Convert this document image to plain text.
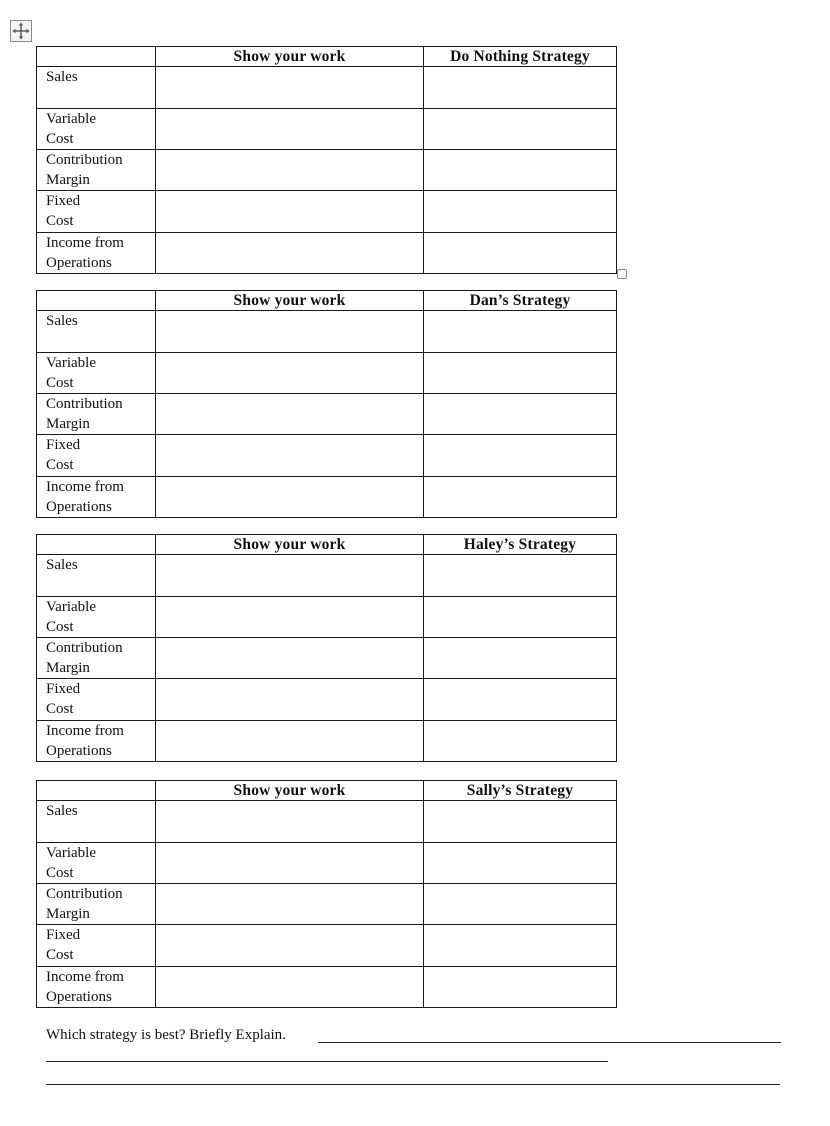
	Show your work	Do Nothing Strategy

Sales		

Variable
Cost		

Contribution
Margin		

Fixed
Cost		

Income from
Operations		

	Show your work	Dan’s Strategy

Sales		

Variable
Cost		

Contribution
Margin		

Fixed
Cost		

Income from
Operations		

	Show your work	Haley’s Strategy

Sales		

Variable
Cost		

Contribution
Margin		

Fixed
Cost		

Income from
Operations		

	Show your work	Sally’s Strategy

Sales		

Variable
Cost		

Contribution
Margin		

Fixed
Cost		

Income from
Operations		

Which strategy is best? Briefly Explain.
